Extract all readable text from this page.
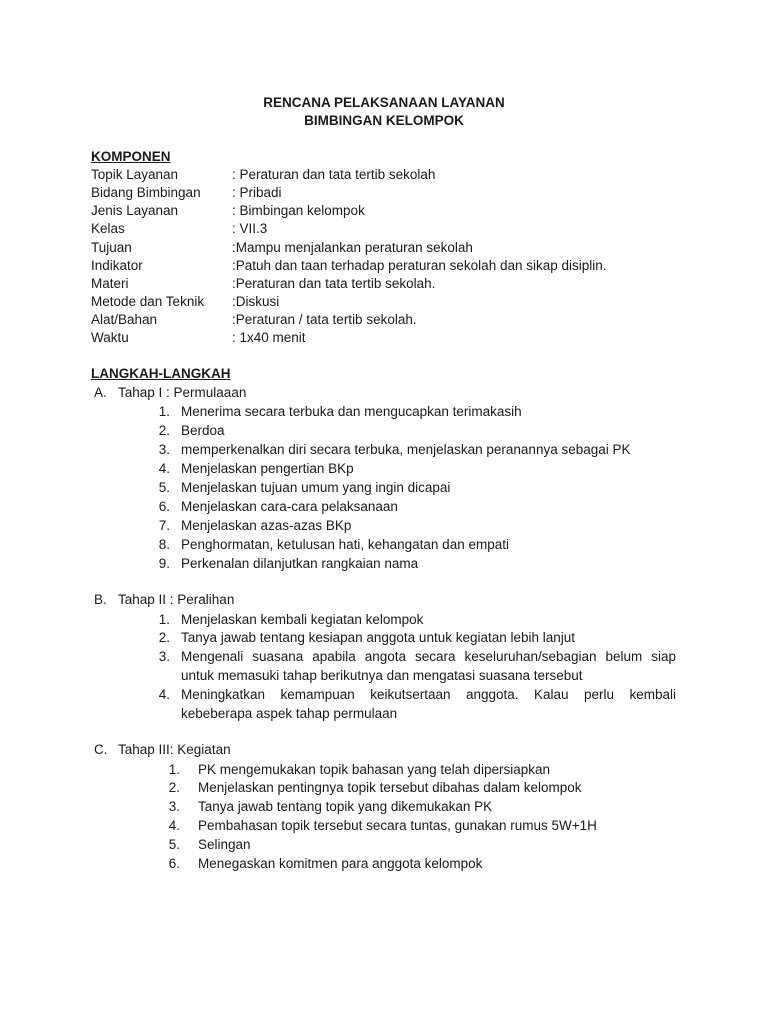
RENCANA PELAKSANAAN LAYANAN
BIMBINGAN KELOMPOK
KOMPONEN
Topik Layanan	: Peraturan dan tata tertib sekolah
Bidang Bimbingan : Pribadi
Jenis Layanan	: Bimbingan kelompok
Kelas	: VII.3
Tujuan	:Mampu menjalankan peraturan sekolah
Indikator	:Patuh dan taan terhadap peraturan sekolah dan sikap disiplin.
Materi	:Peraturan dan tata tertib sekolah.
Metode dan Teknik :Diskusi
Alat/Bahan	:Peraturan / tata tertib sekolah.
Waktu	: 1x40 menit
LANGKAH-LANGKAH
A. Tahap I : Permulaaan
1. Menerima secara terbuka dan mengucapkan terimakasih
2. Berdoa
3. memperkenalkan diri secara terbuka, menjelaskan peranannya sebagai PK
4. Menjelaskan pengertian BKp
5. Menjelaskan tujuan umum yang ingin dicapai
6. Menjelaskan cara-cara pelaksanaan
7. Menjelaskan azas-azas BKp
8. Penghormatan, ketulusan hati, kehangatan dan empati
9. Perkenalan dilanjutkan rangkaian nama
B. Tahap II : Peralihan
1. Menjelaskan kembali kegiatan kelompok
2. Tanya jawab tentang kesiapan anggota untuk kegiatan lebih lanjut
3. Mengenali suasana apabila angota secara keseluruhan/sebagian belum siap
untuk memasuki tahap berikutnya dan mengatasi suasana tersebut
4. Meningkatkan kemampuan keikutsertaan anggota. Kalau perlu kembali
kebeberapa aspek tahap permulaan
C. Tahap III: Kegiatan
1. PK mengemukakan topik bahasan yang telah dipersiapkan
2. Menjelaskan pentingnya topik tersebut dibahas dalam kelompok
3. Tanya jawab tentang topik yang dikemukakan PK
4. Pembahasan topik tersebut secara tuntas, gunakan rumus 5W+1H
5. Selingan
6. Menegaskan komitmen para anggota kelompok
